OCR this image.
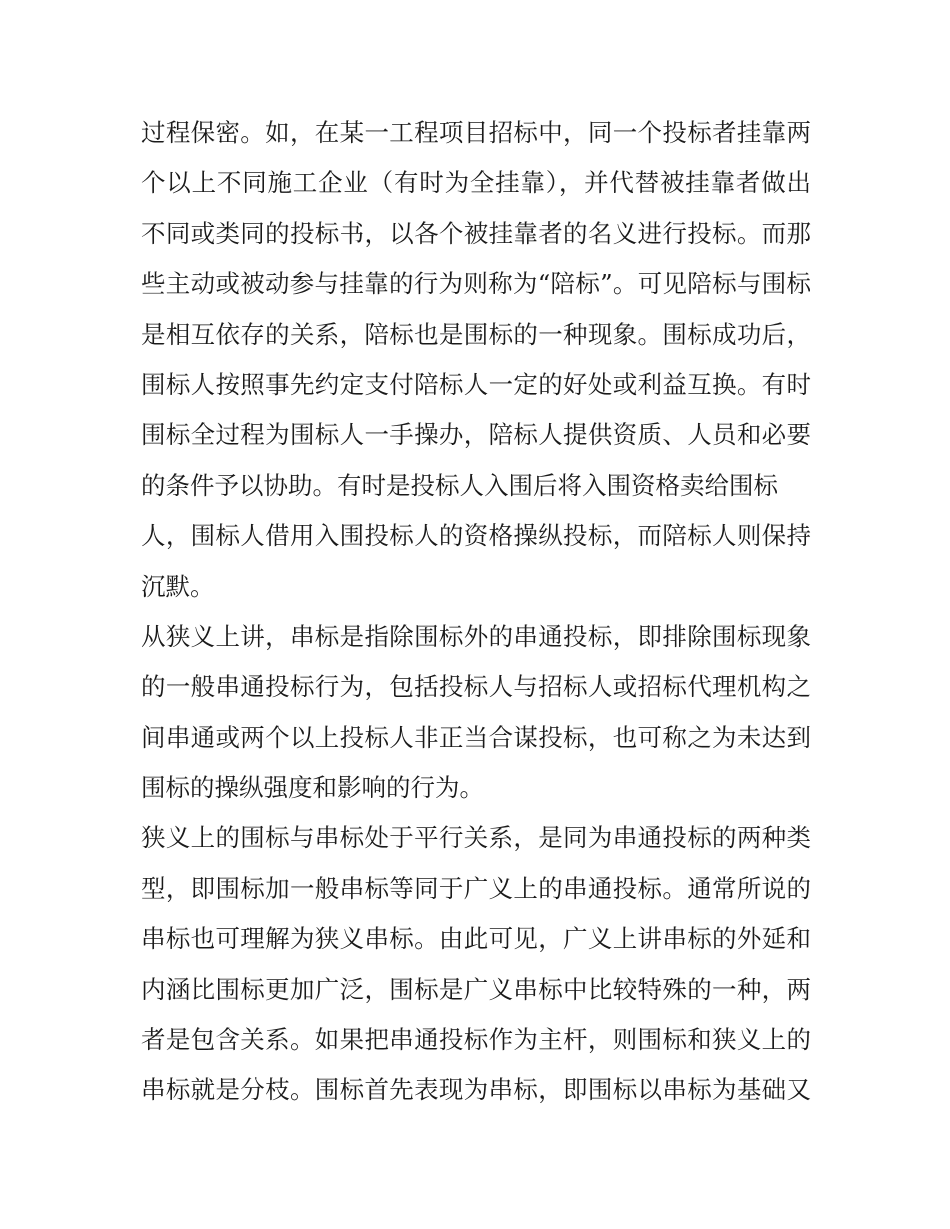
过程保密。如，在某一工程项目招标中，同一个投标者挂靠两
个以上不同施工企业（有时为全挂靠），并代替被挂靠者做出
不同或类同的投标书，以各个被挂靠者的名义进行投标。而那
些主动或被动参与挂靠的行为则称为“陪标”。可见陪标与围标
是相互依存的关系，陪标也是围标的一种现象。围标成功后，
围标人按照事先约定支付陪标人一定的好处或利益互换。有时
围标全过程为围标人一手操办，陪标人提供资质、人员和必要
的条件予以协助。有时是投标人入围后将入围资格卖给围标
人，围标人借用入围投标人的资格操纵投标，而陪标人则保持
沉默。
从狭义上讲，串标是指除围标外的串通投标，即排除围标现象
的一般串通投标行为，包括投标人与招标人或招标代理机构之
间串通或两个以上投标人非正当合谋投标，也可称之为未达到
围标的操纵强度和影响的行为。
狭义上的围标与串标处于平行关系，是同为串通投标的两种类
型，即围标加一般串标等同于广义上的串通投标。通常所说的
串标也可理解为狭义串标。由此可见，广义上讲串标的外延和
内涵比围标更加广泛，围标是广义串标中比较特殊的一种，两
者是包含关系。如果把串通投标作为主杆，则围标和狭义上的
串标就是分枝。围标首先表现为串标，即围标以串标为基础又
